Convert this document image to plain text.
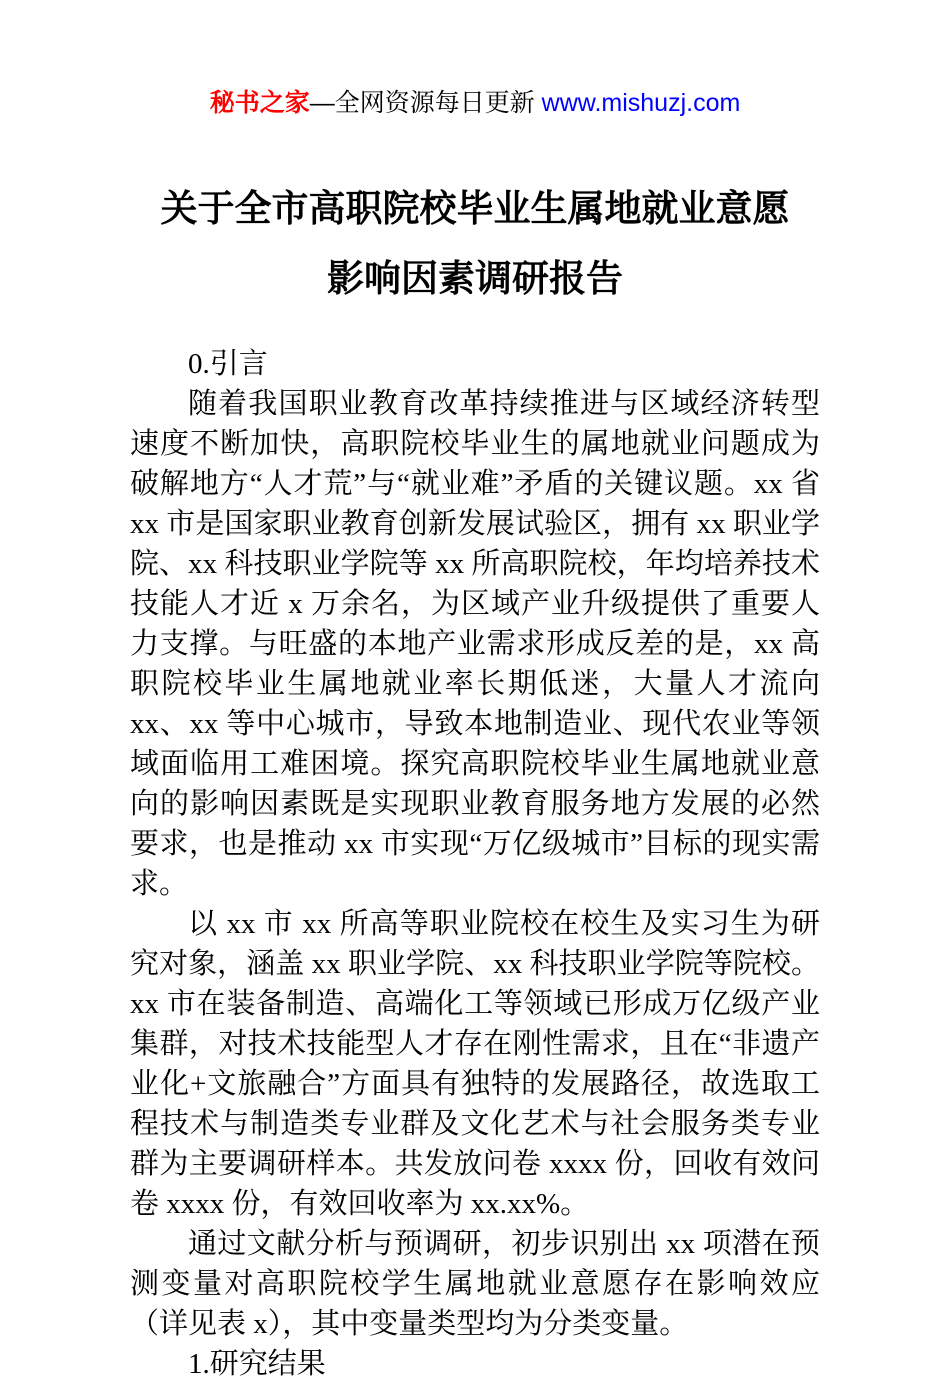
秘书之家—全网资源每日更新 www.mishuzj.com
关于全市高职院校毕业生属地就业意愿
影响因素调研报告

0.引言

随着我国职业教育改革持续推进与区域经济转型速度不断加快，高职院校毕业生的属地就业问题成为破解地方“人才荒”与“就业难”矛盾的关键议题。xx 省 xx 市是国家职业教育创新发展试验区，拥有 xx 职业学院、xx 科技职业学院等 xx 所高职院校，年均培养技术技能人才近 x 万余名，为区域产业升级提供了重要人力支撑。与旺盛的本地产业需求形成反差的是，xx 高职院校毕业生属地就业率长期低迷，大量人才流向 xx、xx 等中心城市，导致本地制造业、现代农业等领域面临用工难困境。探究高职院校毕业生属地就业意向的影响因素既是实现职业教育服务地方发展的必然要求，也是推动 xx 市实现“万亿级城市”目标的现实需求。

以 xx 市 xx 所高等职业院校在校生及实习生为研究对象，涵盖 xx 职业学院、xx 科技职业学院等院校。xx 市在装备制造、高端化工等领域已形成万亿级产业集群，对技术技能型人才存在刚性需求，且在“非遗产业化+文旅融合”方面具有独特的发展路径，故选取工程技术与制造类专业群及文化艺术与社会服务类专业群为主要调研样本。共发放问卷 xxxx 份，回收有效问卷 xxxx 份，有效回收率为 xx.xx%。

通过文献分析与预调研，初步识别出 xx 项潜在预测变量对高职院校学生属地就业意愿存在影响效应（详见表 x），其中变量类型均为分类变量。

1.研究结果
